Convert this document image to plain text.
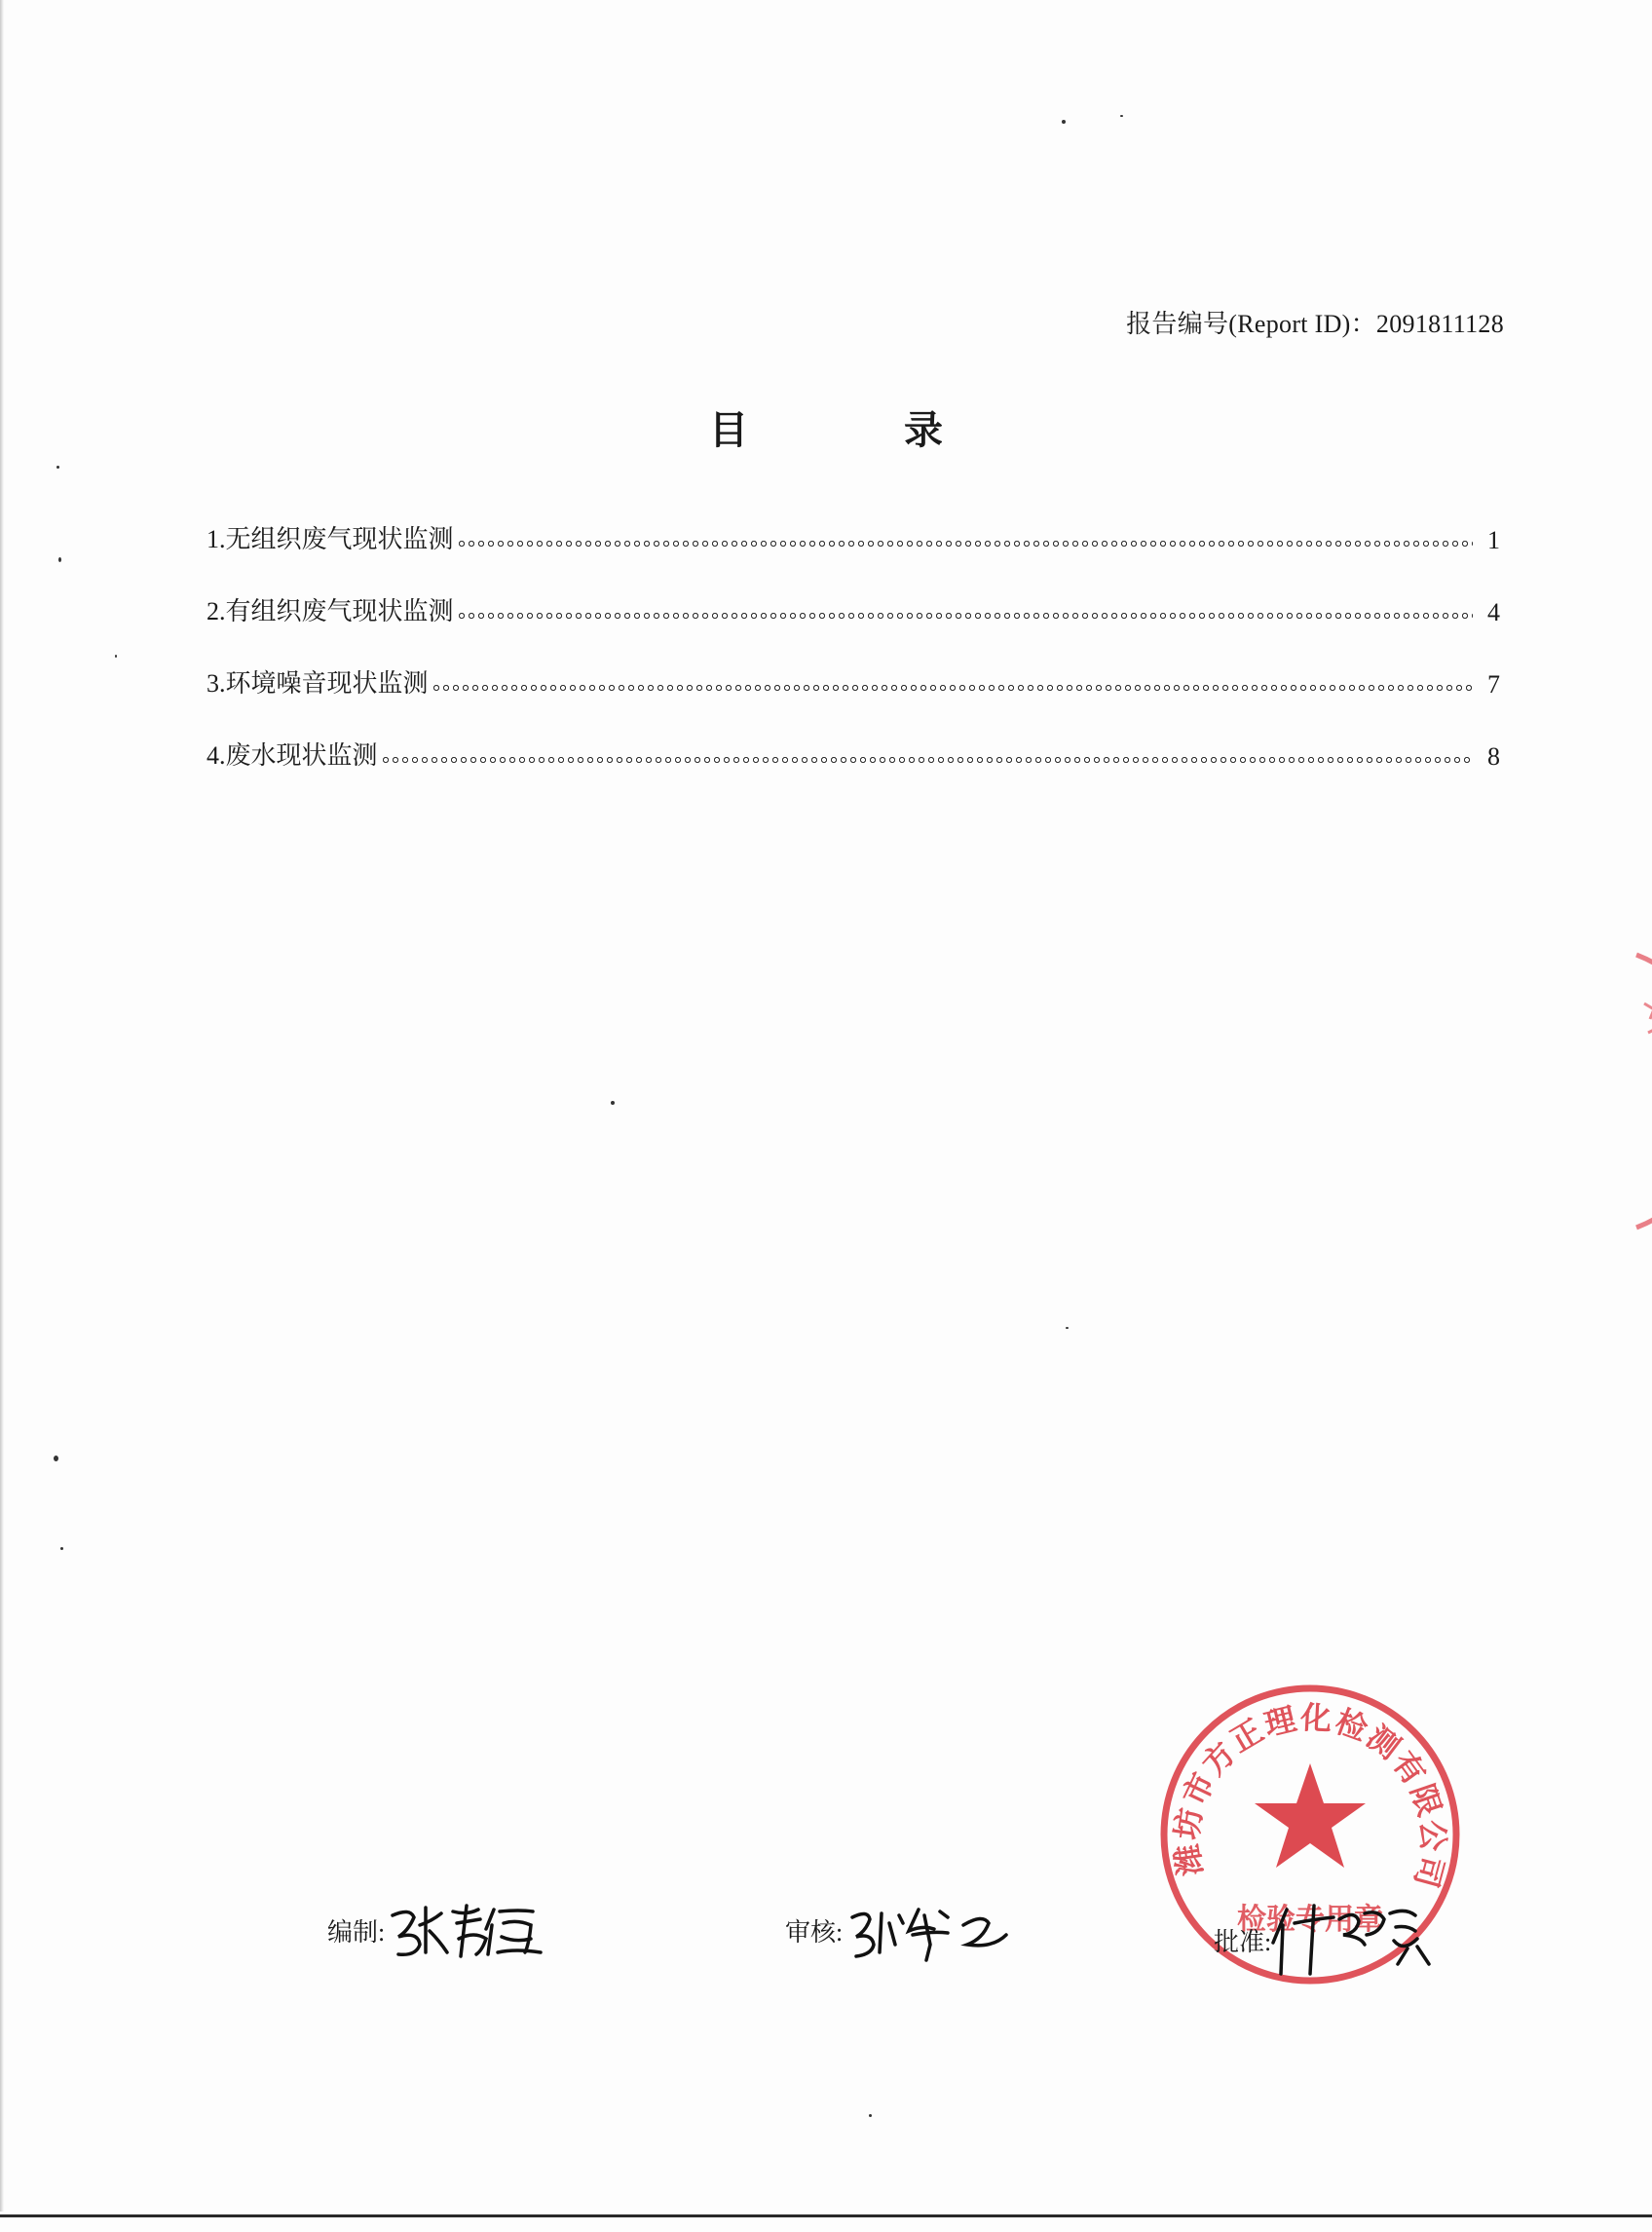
报告编号(Report ID)：2091811128
目录
1.无组织废气现状监测	1
2.有组织废气现状监测	4
3.环境噪音现状监测	7
4.废水现状监测	8
潍坊市方正理化检测有限公司
检验专用章
编制:	审核:	批准:
